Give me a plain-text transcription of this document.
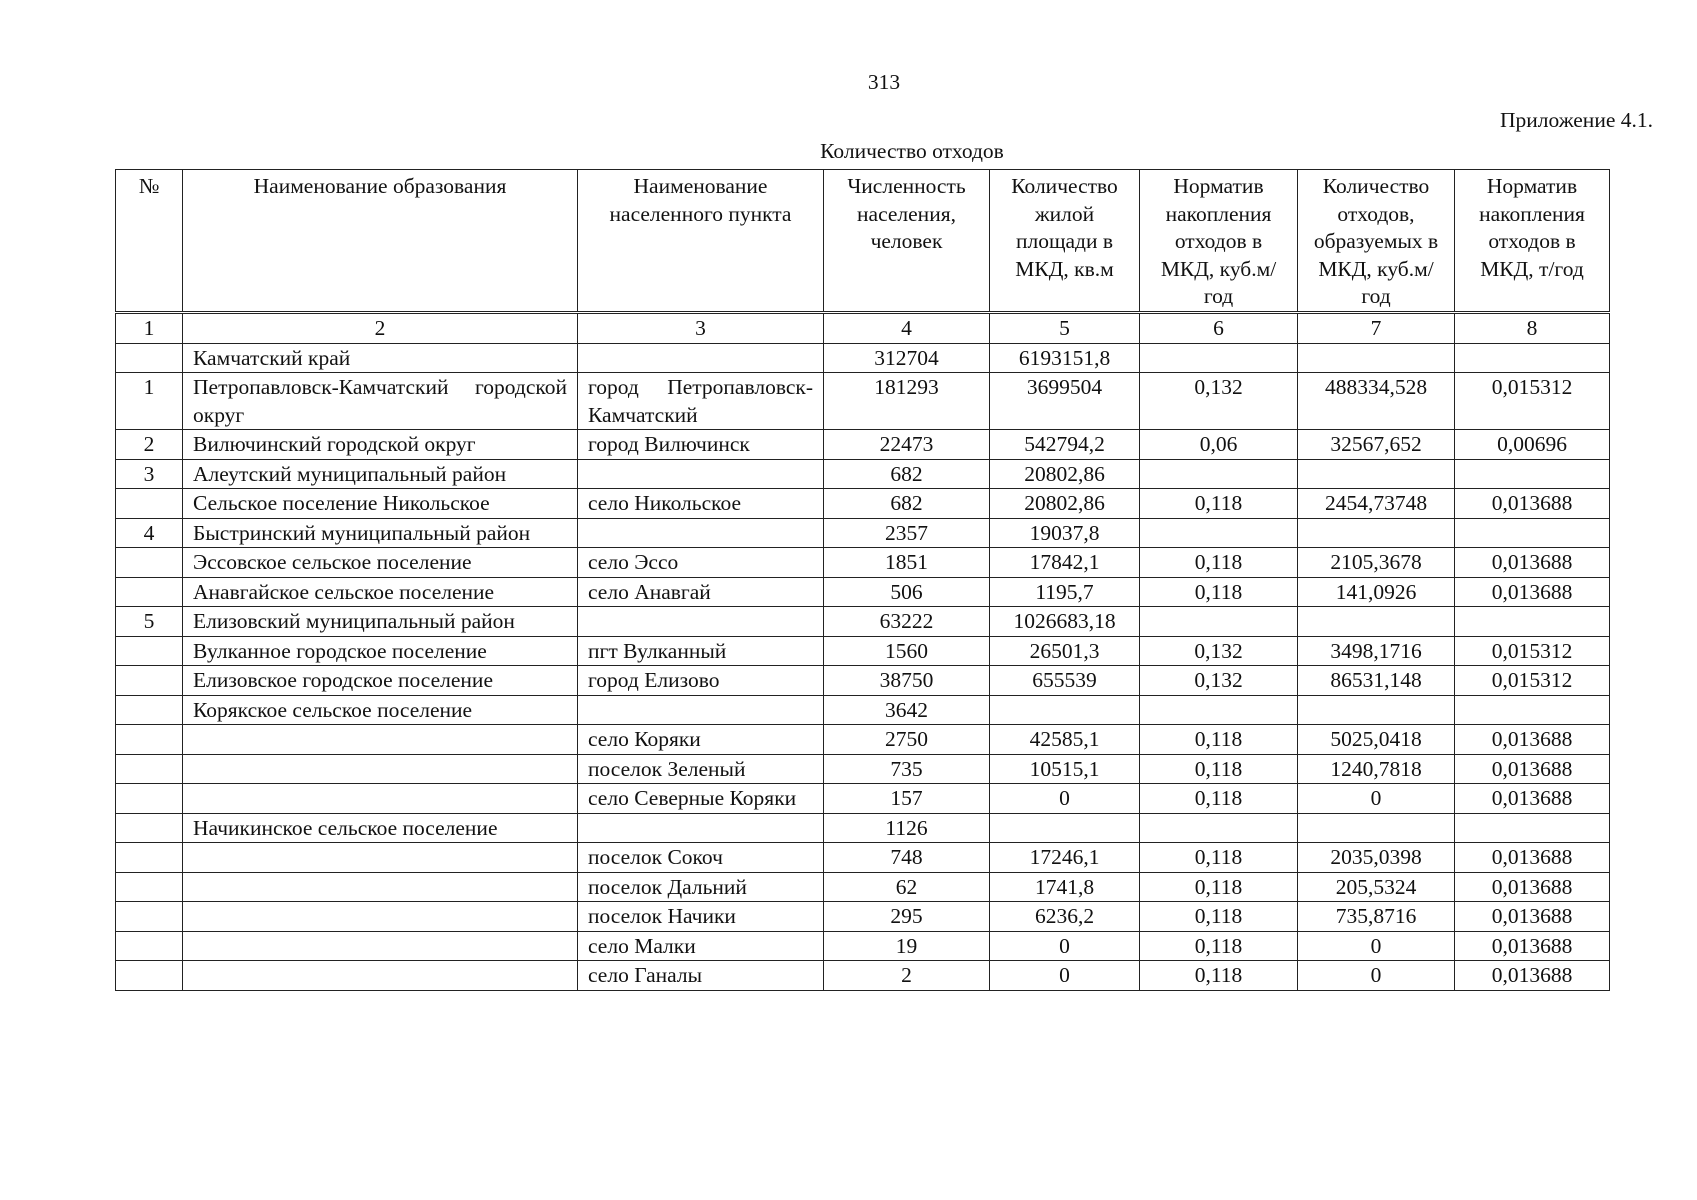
313
Приложение 4.1.
Количество отходов
№	Наименование образования	Наименование населенного пункта	Численность населения, человек	Количество жилой площади в МКД, кв.м	Норматив накопления отходов в МКД, куб.м/год	Количество отходов, образуемых в МКД, куб.м/год	Норматив накопления отходов в МКД, т/год
1	2	3	4	5	6	7	8
	Камчатский край		312704	6193151,8			
1	Петропавловск-Камчатский городской округ	город Петропавловск-Камчатский	181293	3699504	0,132	488334,528	0,015312
2	Вилючинский городской округ	город Вилючинск	22473	542794,2	0,06	32567,652	0,00696
3	Алеутский муниципальный район		682	20802,86			
	Сельское поселение Никольское	село Никольское	682	20802,86	0,118	2454,73748	0,013688
4	Быстринский муниципальный район		2357	19037,8			
	Эссовское сельское поселение	село Эссо	1851	17842,1	0,118	2105,3678	0,013688
	Анавгайское сельское поселение	село Анавгай	506	1195,7	0,118	141,0926	0,013688
5	Елизовский муниципальный район		63222	1026683,18			
	Вулканное городское поселение	пгт Вулканный	1560	26501,3	0,132	3498,1716	0,015312
	Елизовское городское поселение	город Елизово	38750	655539	0,132	86531,148	0,015312
	Корякское сельское поселение		3642				
		село Коряки	2750	42585,1	0,118	5025,0418	0,013688
		поселок Зеленый	735	10515,1	0,118	1240,7818	0,013688
		село Северные Коряки	157	0	0,118	0	0,013688
	Начикинское сельское поселение		1126				
		поселок Сокоч	748	17246,1	0,118	2035,0398	0,013688
		поселок Дальний	62	1741,8	0,118	205,5324	0,013688
		поселок Начики	295	6236,2	0,118	735,8716	0,013688
		село Малки	19	0	0,118	0	0,013688
		село Ганалы	2	0	0,118	0	0,013688
